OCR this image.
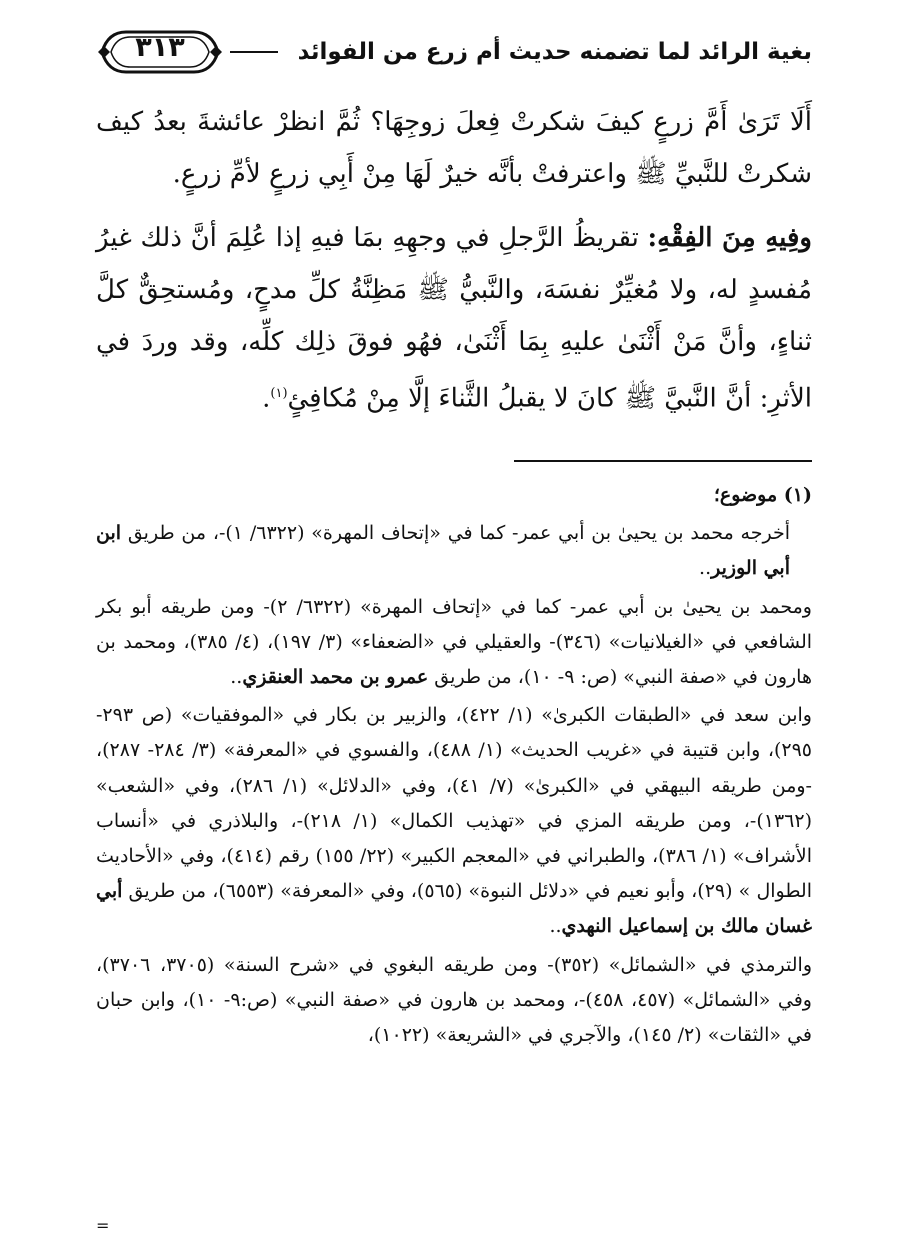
بغية الرائد لما تضمنه حديث أم زرع من الفوائد
٣١٣

أَلَا تَرَىٰ أَمَّ زرعٍ كيفَ شكرتْ فِعلَ زوجِهَا؟ ثُمَّ انظرْ عائشةَ بعدُ كيف شكرتْ للنَّبيِّ ﷺ واعترفتْ بأنَّه خيرٌ لَهَا مِنْ أَبِي زرعٍ لأمِّ زرعٍ.

وفِيهِ مِنَ الفِقْهِ: تقريظُ الرَّجلِ في وجهِهِ بمَا فيهِ إذا عُلِمَ أنَّ ذلك غيرُ مُفسدٍ له، ولا مُغيِّرٌ نفسَهَ، والنَّبيُّ ﷺ مَظِنَّةُ كلِّ مدحٍ، ومُستحِقٌّ كلَّ ثناءٍ، وأنَّ مَنْ أَثْنَىٰ عليهِ بِمَا أَثْنَىٰ، فهُو فوقَ ذلِك كلِّه، وقد وردَ في الأثرِ: أنَّ النَّبيَّ ﷺ كانَ لا يقبلُ الثَّناءَ إلَّا مِنْ مُكافِئٍ$^{(١)}$.

(١) موضوع؛

أخرجه محمد بن يحيىٰ بن أبي عمر- كما في «إتحاف المهرة» (٦٣٢٢/ ١)-، من طريق ابن أبي الوزير..

ومحمد بن يحيىٰ بن أبي عمر- كما في «إتحاف المهرة» (٦٣٢٢/ ٢)- ومن طريقه أبو بكر الشافعي في «الغيلانيات» (٣٤٦)- والعقيلي في «الضعفاء» (٣/ ١٩٧)، (٤/ ٣٨٥)، ومحمد بن هارون في «صفة النبي» (ص: ٩- ١٠)، من طريق عمرو بن محمد العنقزي..

وابن سعد في «الطبقات الكبرىٰ» (١/ ٤٢٢)، والزبير بن بكار في «الموفقيات» (ص ٢٩٣- ٢٩٥)، وابن قتيبة في «غريب الحديث» (١/ ٤٨٨)، والفسوي في «المعرفة» (٣/ ٢٨٤- ٢٨٧)، -ومن طريقه البيهقي في «الكبرىٰ» (٧/ ٤١)، وفي «الدلائل» (١/ ٢٨٦)، وفي «الشعب» (١٣٦٢)-، ومن طريقه المزي في «تهذيب الكمال» (١/ ٢١٨)-، والبلاذري في «أنساب الأشراف» (١/ ٣٨٦)، والطبراني في «المعجم الكبير» (٢٢/ ١٥٥) رقم (٤١٤)، وفي «الأحاديث الطوال » (٢٩)، وأبو نعيم في «دلائل النبوة» (٥٦٥)، وفي «المعرفة» (٦٥٥٣)، من طريق أبي غسان مالك بن إسماعيل النهدي..

والترمذي في «الشمائل» (٣٥٢)- ومن طريقه البغوي في «شرح السنة» (٣٧٠٥، ٣٧٠٦)، وفي «الشمائل» (٤٥٧، ٤٥٨)-، ومحمد بن هارون في «صفة النبي» (ص:٩- ١٠)، وابن حبان في «الثقات» (٢/ ١٤٥)، والآجري في «الشريعة» (١٠٢٢)،

=
